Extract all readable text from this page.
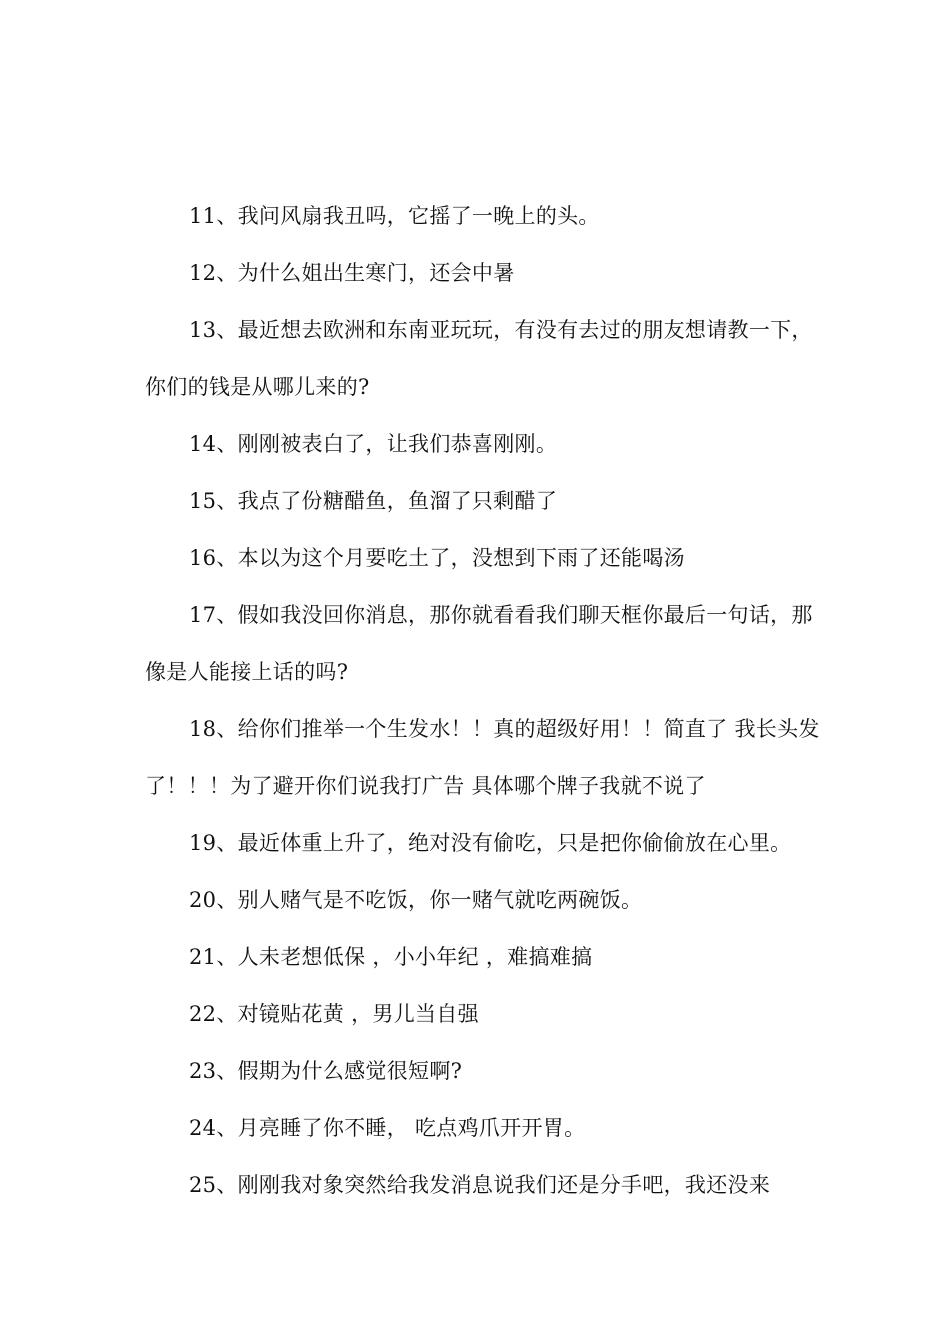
11、我问风扇我丑吗，它摇了一晚上的头。

12、为什么姐出生寒门，还会中暑

13、最近想去欧洲和东南亚玩玩，有没有去过的朋友想请教一下，你们的钱是从哪儿来的?

14、刚刚被表白了，让我们恭喜刚刚。

15、我点了份糖醋鱼，鱼溜了只剩醋了

16、本以为这个月要吃土了，没想到下雨了还能喝汤

17、假如我没回你消息，那你就看看我们聊天框你最后一句话，那像是人能接上话的吗?

18、给你们推举一个生发水！！真的超级好用！！简直了 我长头发了！！！为了避开你们说我打广告 具体哪个牌子我就不说了

19、最近体重上升了，绝对没有偷吃，只是把你偷偷放在心里。

20、别人赌气是不吃饭，你一赌气就吃两碗饭。

21、人未老想低保 ，小小年纪 ，难搞难搞

22、对镜贴花黄 ，男儿当自强

23、假期为什么感觉很短啊?

24、月亮睡了你不睡， 吃点鸡爪开开胃。

25、刚刚我对象突然给我发消息说我们还是分手吧，我还没来
